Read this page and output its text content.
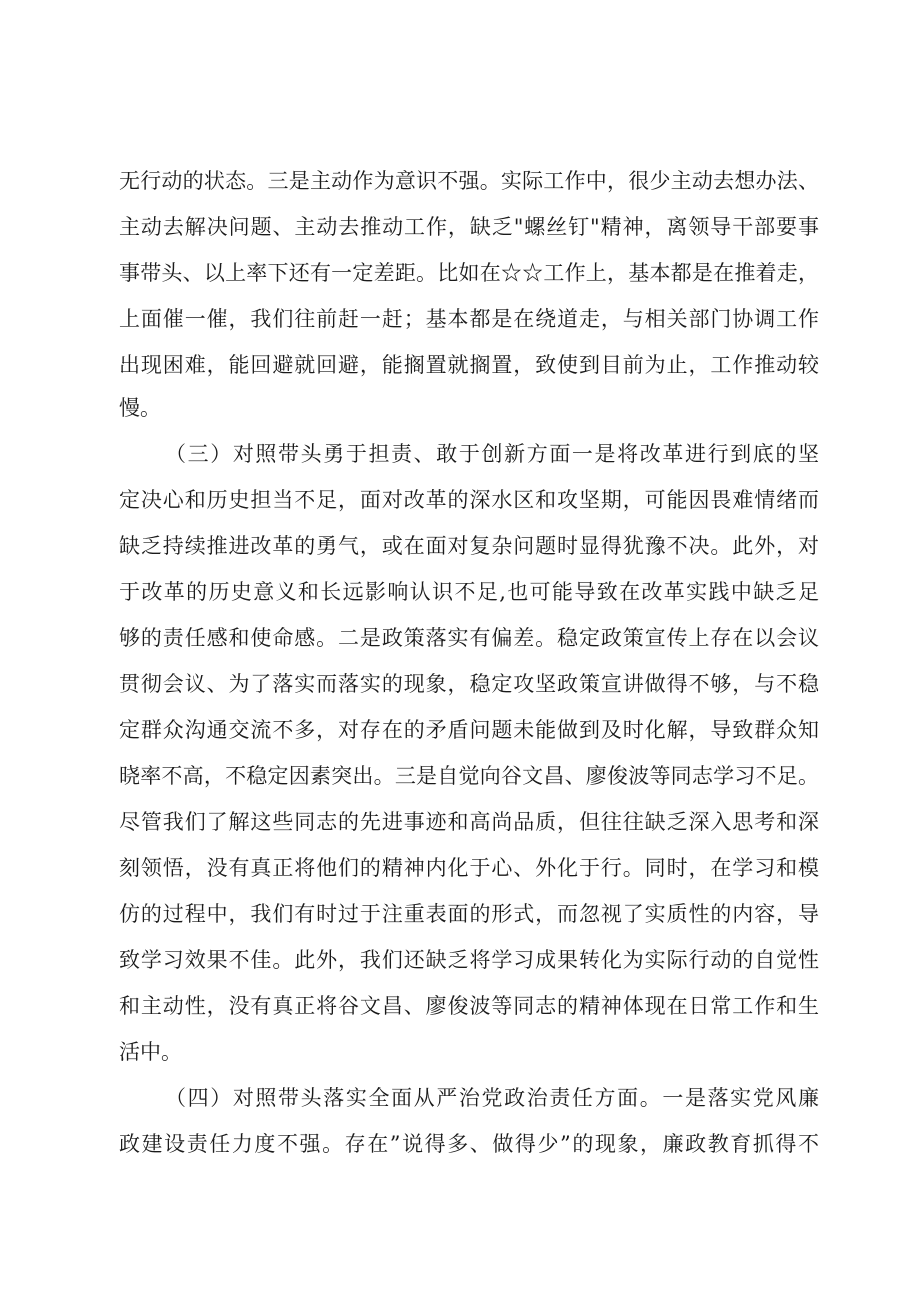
无行动的状态。三是主动作为意识不强。实际工作中，很少主动去想办法、
主动去解决问题、主动去推动工作，缺乏"螺丝钉"精神，离领导干部要事
事带头、以上率下还有一定差距。比如在☆☆工作上，基本都是在推着走，
上面催一催，我们往前赶一赶；基本都是在绕道走，与相关部门协调工作
出现困难，能回避就回避，能搁置就搁置，致使到目前为止，工作推动较
慢。
（三）对照带头勇于担责、敢于创新方面一是将改革进行到底的坚
定决心和历史担当不足，面对改革的深水区和攻坚期，可能因畏难情绪而
缺乏持续推进改革的勇气，或在面对复杂问题时显得犹豫不决。此外，对
于改革的历史意义和长远影响认识不足,也可能导致在改革实践中缺乏足
够的责任感和使命感。二是政策落实有偏差。稳定政策宣传上存在以会议
贯彻会议、为了落实而落实的现象，稳定攻坚政策宣讲做得不够，与不稳
定群众沟通交流不多，对存在的矛盾问题未能做到及时化解，导致群众知
晓率不高，不稳定因素突出。三是自觉向谷文昌、廖俊波等同志学习不足。
尽管我们了解这些同志的先进事迹和高尚品质，但往往缺乏深入思考和深
刻领悟，没有真正将他们的精神内化于心、外化于行。同时，在学习和模
仿的过程中，我们有时过于注重表面的形式，而忽视了实质性的内容，导
致学习效果不佳。此外，我们还缺乏将学习成果转化为实际行动的自觉性
和主动性，没有真正将谷文昌、廖俊波等同志的精神体现在日常工作和生
活中。
（四）对照带头落实全面从严治党政治责任方面。一是落实党风廉
政建设责任力度不强。存在”说得多、做得少”的现象，廉政教育抓得不
